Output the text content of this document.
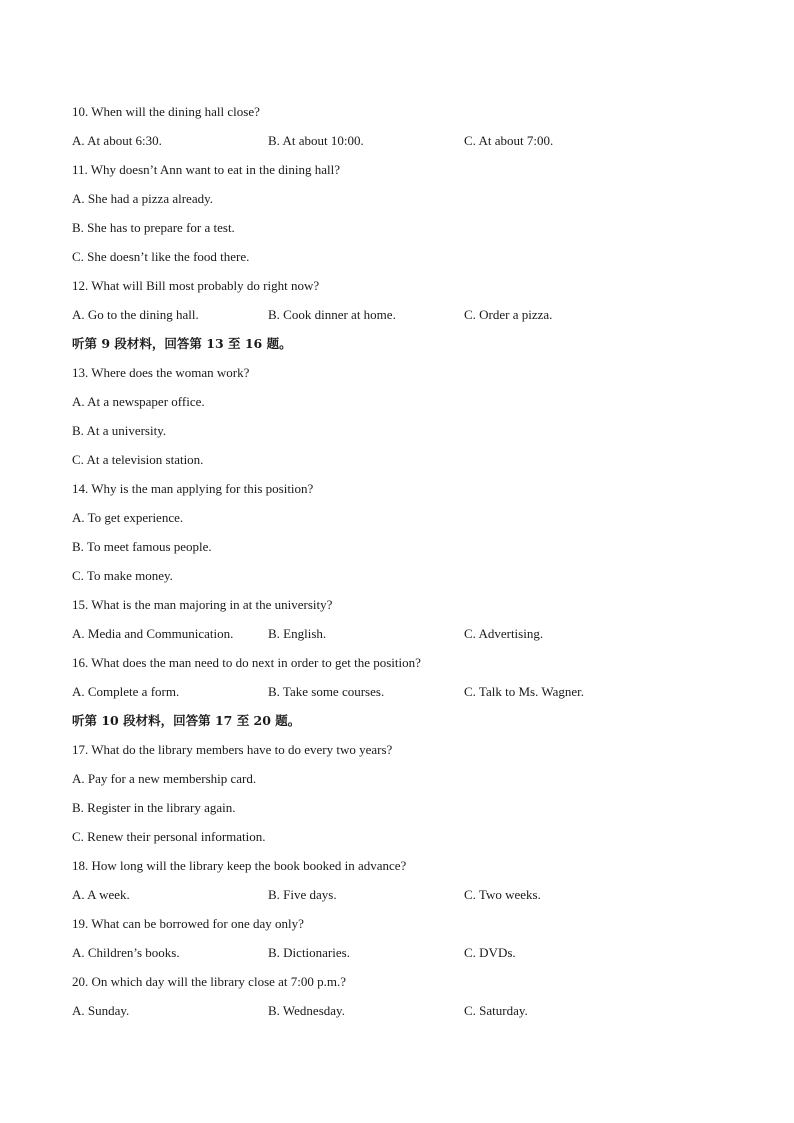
10. When will the dining hall close?
A. At about 6:30.	B. At about 10:00.	C. At about 7:00.
11. Why doesn’t Ann want to eat in the dining hall?
A. She had a pizza already.
B. She has to prepare for a test.
C. She doesn’t like the food there.
12. What will Bill most probably do right now?
A. Go to the dining hall.	B. Cook dinner at home.	C. Order a pizza.
听第 9 段材料，回答第 13 至 16 题。
13. Where does the woman work?
A. At a newspaper office.
B. At a university.
C. At a television station.
14. Why is the man applying for this position?
A. To get experience.
B. To meet famous people.
C. To make money.
15. What is the man majoring in at the university?
A. Media and Communication.	B. English.	C. Advertising.
16. What does the man need to do next in order to get the position?
A. Complete a form.	B. Take some courses.	C. Talk to Ms. Wagner.
听第 10 段材料，回答第 17 至 20 题。
17. What do the library members have to do every two years?
A. Pay for a new membership card.
B. Register in the library again.
C. Renew their personal information.
18. How long will the library keep the book booked in advance?
A. A week.	B. Five days.	C. Two weeks.
19. What can be borrowed for one day only?
A. Children’s books.	B. Dictionaries.	C. DVDs.
20. On which day will the library close at 7:00 p.m.?
A. Sunday.	B. Wednesday.	C. Saturday.
